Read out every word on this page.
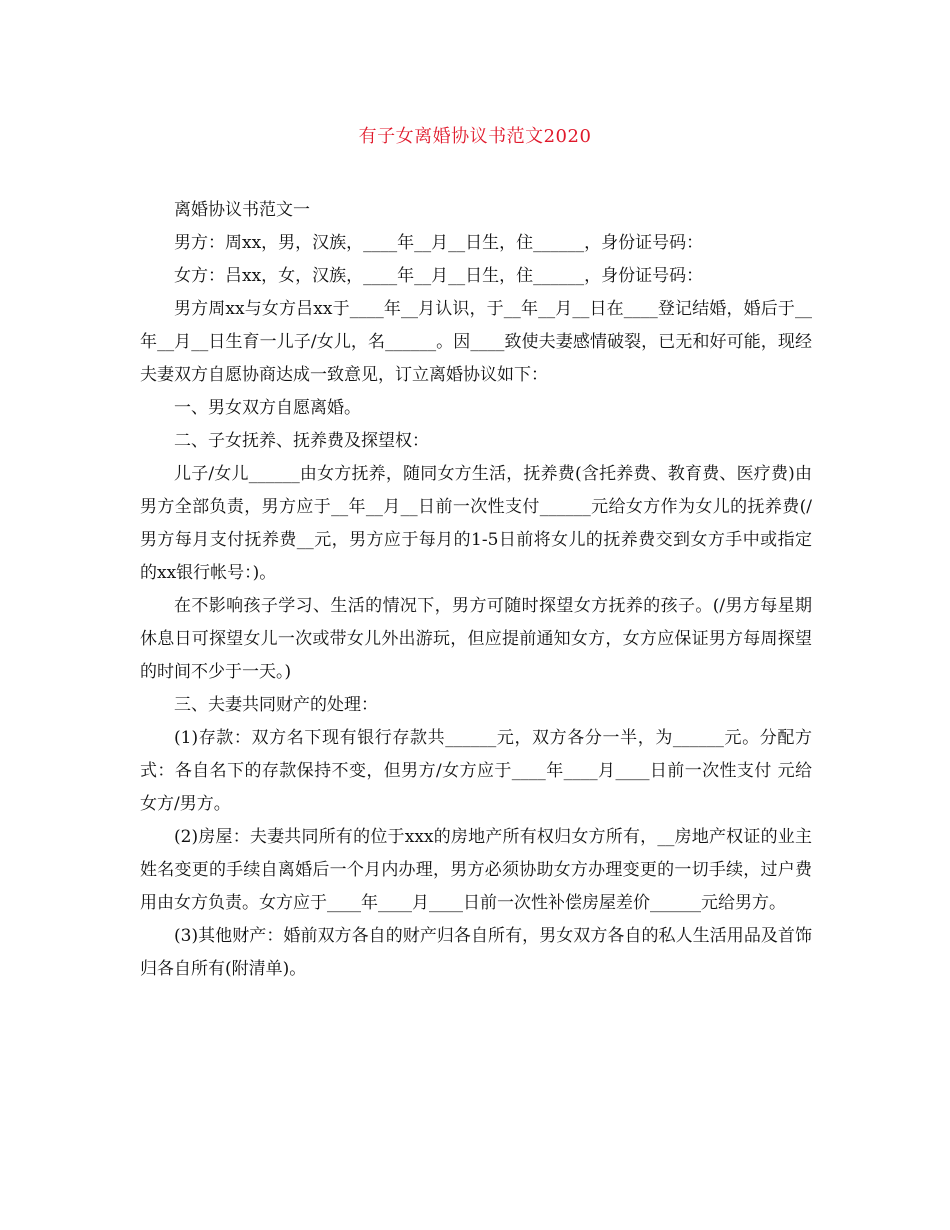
有子女离婚协议书范文2020

离婚协议书范文一

男方：周xx，男，汉族，____年__月__日生，住______，身份证号码：

女方：吕xx，女，汉族，____年__月__日生，住______，身份证号码：

男方周xx与女方吕xx于____年__月认识，于__年__月__日在____登记结婚，婚后于__年__月__日生育一儿子/女儿，名______。因____致使夫妻感情破裂，已无和好可能，现经夫妻双方自愿协商达成一致意见，订立离婚协议如下：

一、男女双方自愿离婚。

二、子女抚养、抚养费及探望权：

儿子/女儿______由女方抚养，随同女方生活，抚养费(含托养费、教育费、医疗费)由男方全部负责，男方应于__年__月__日前一次性支付______元给女方作为女儿的抚养费(/男方每月支付抚养费__元，男方应于每月的1-5日前将女儿的抚养费交到女方手中或指定的xx银行帐号：)。

在不影响孩子学习、生活的情况下，男方可随时探望女方抚养的孩子。(/男方每星期休息日可探望女儿一次或带女儿外出游玩，但应提前通知女方，女方应保证男方每周探望的时间不少于一天。)

三、夫妻共同财产的处理：

(1)存款：双方名下现有银行存款共______元，双方各分一半，为______元。分配方式：各自名下的存款保持不变，但男方/女方应于____年____月____日前一次性支付 元给女方/男方。

(2)房屋：夫妻共同所有的位于xxx的房地产所有权归女方所有，__房地产权证的业主姓名变更的手续自离婚后一个月内办理，男方必须协助女方办理变更的一切手续，过户费用由女方负责。女方应于____年____月____日前一次性补偿房屋差价______元给男方。

(3)其他财产：婚前双方各自的财产归各自所有，男女双方各自的私人生活用品及首饰归各自所有(附清单)。
